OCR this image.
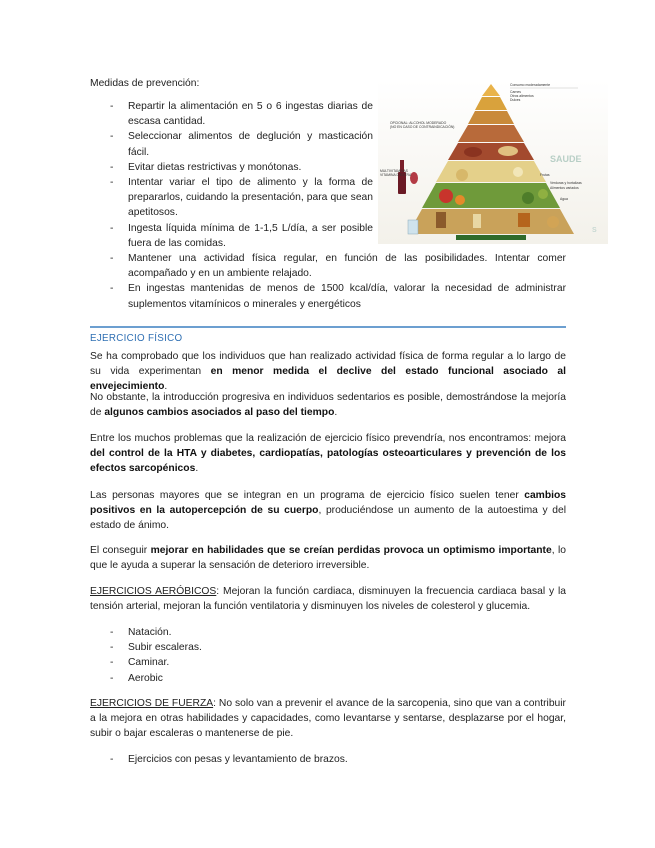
Medidas de prevención:

- Repartir la alimentación en 5 o 6 ingestas diarias de escasa cantidad.
- Seleccionar alimentos de deglución y masticación fácil.
- Evitar dietas restrictivas y monótonas.
- Intentar variar el tipo de alimento y la forma de prepararlos, cuidando la presentación, para que sean apetitosos.
- Ingesta líquida mínima de 1-1,5 L/día, a ser posible fuera de las comidas.
- Mantener una actividad física regular, en función de las posibilidades. Intentar comer acompañado y en un ambiente relajado.
- En ingestas mantenidas de menos de 1500 kcal/día, valorar la necesidad de administrar suplementos vitamínicos o minerales y energéticos
SAUDE
S
OPCIONAL: ALCOHOL MODERADO
(NO EN CASO DE CONTRAINDICACIÓN)
MULTIVITAMINAS
VITAMINA D EXTRA
Consumo moderadamente
Carnes
Otros alimentos
Dulces
Frutas
Verduras y hortalizas
Alimentos variados
Agua

EJERCICIO FÍSICO

Se ha comprobado que los individuos que han realizado actividad física de forma regular a lo largo de su vida experimentan en menor medida el declive del estado funcional asociado al envejecimiento.

No obstante, la introducción progresiva en individuos sedentarios es posible, demostrándose la mejoría de algunos cambios asociados al paso del tiempo.

Entre los muchos problemas que la realización de ejercicio físico prevendría, nos encontramos: mejora del control de la HTA y diabetes, cardiopatías, patologías osteoarticulares y prevención de los efectos sarcopénicos.

Las personas mayores que se integran en un programa de ejercicio físico suelen tener cambios positivos en la autopercepción de su cuerpo, produciéndose un aumento de la autoestima y del estado de ánimo.

El conseguir mejorar en habilidades que se creían perdidas provoca un optimismo importante, lo que le ayuda a superar la sensación de deterioro irreversible.

EJERCICIOS AERÓBICOS: Mejoran la función cardiaca, disminuyen la frecuencia cardiaca basal y la tensión arterial, mejoran la función ventilatoria y disminuyen los niveles de colesterol y glucemia.

- Natación.
- Subir escaleras.
- Caminar.
- Aerobic

EJERCICIOS DE FUERZA: No solo van a prevenir el avance de la sarcopenia, sino que van a contribuir a la mejora en otras habilidades y capacidades, como levantarse y sentarse, desplazarse por el hogar, subir o bajar escaleras o mantenerse de pie.

- Ejercicios con pesas y levantamiento de brazos.
